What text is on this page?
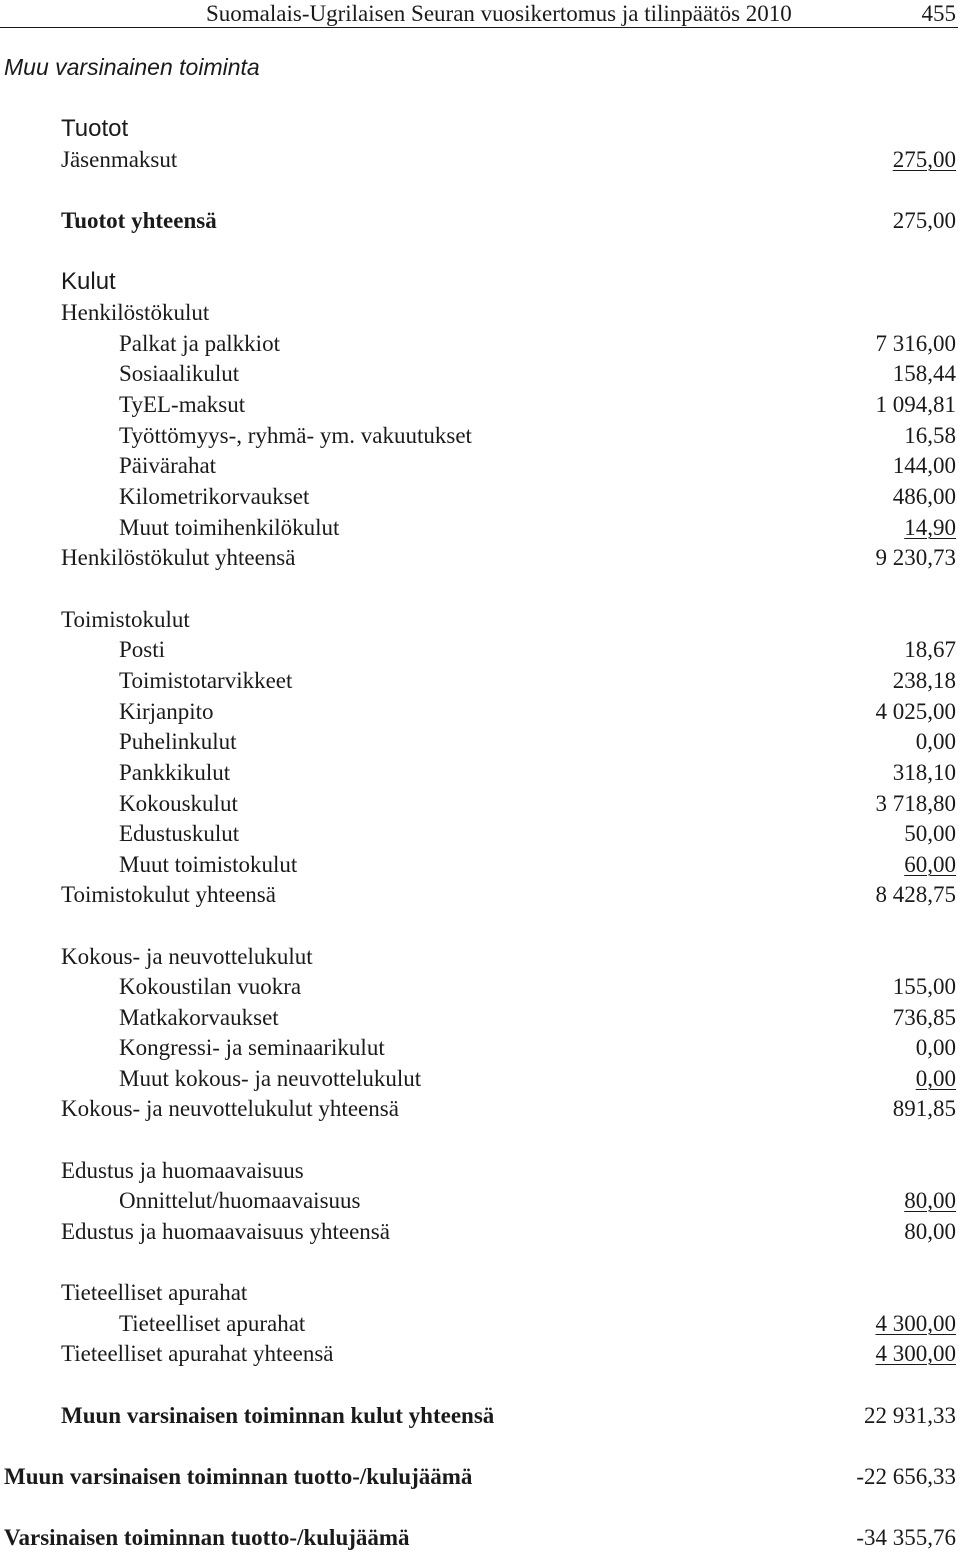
Suomalais-Ugrilaisen Seuran vuosikertomus ja tilinpäätös 2010	455
Muu varsinainen toiminta
Tuotot
Jäsenmaksut	275,00
Tuotot yhteensä	275,00
Kulut
Henkilöstökulut
Palkat ja palkkiot	7 316,00
Sosiaalikulut	158,44
TyEL-maksut	1 094,81
Työttömyys-, ryhmä- ym. vakuutukset	16,58
Päivärahat	144,00
Kilometrikorvaukset	486,00
Muut toimihenkilökulut	14,90
Henkilöstökulut yhteensä	9 230,73
Toimistokulut
Posti	18,67
Toimistotarvikkeet	238,18
Kirjanpito	4 025,00
Puhelinkulut	0,00
Pankkikulut	318,10
Kokouskulut	3 718,80
Edustuskulut	50,00
Muut toimistokulut	60,00
Toimistokulut yhteensä	8 428,75
Kokous- ja neuvottelukulut
Kokoustilan vuokra	155,00
Matkakorvaukset	736,85
Kongressi- ja seminaarikulut	0,00
Muut kokous- ja neuvottelukulut	0,00
Kokous- ja neuvottelukulut yhteensä	891,85
Edustus ja huomaavaisuus
Onnittelut/huomaavaisuus	80,00
Edustus ja huomaavaisuus yhteensä	80,00
Tieteelliset apurahat
Tieteelliset apurahat	4 300,00
Tieteelliset apurahat yhteensä	4 300,00
Muun varsinaisen toiminnan kulut yhteensä	22 931,33
Muun varsinaisen toiminnan tuotto-/kulujäämä	-22 656,33
Varsinaisen toiminnan tuotto-/kulujäämä	-34 355,76
